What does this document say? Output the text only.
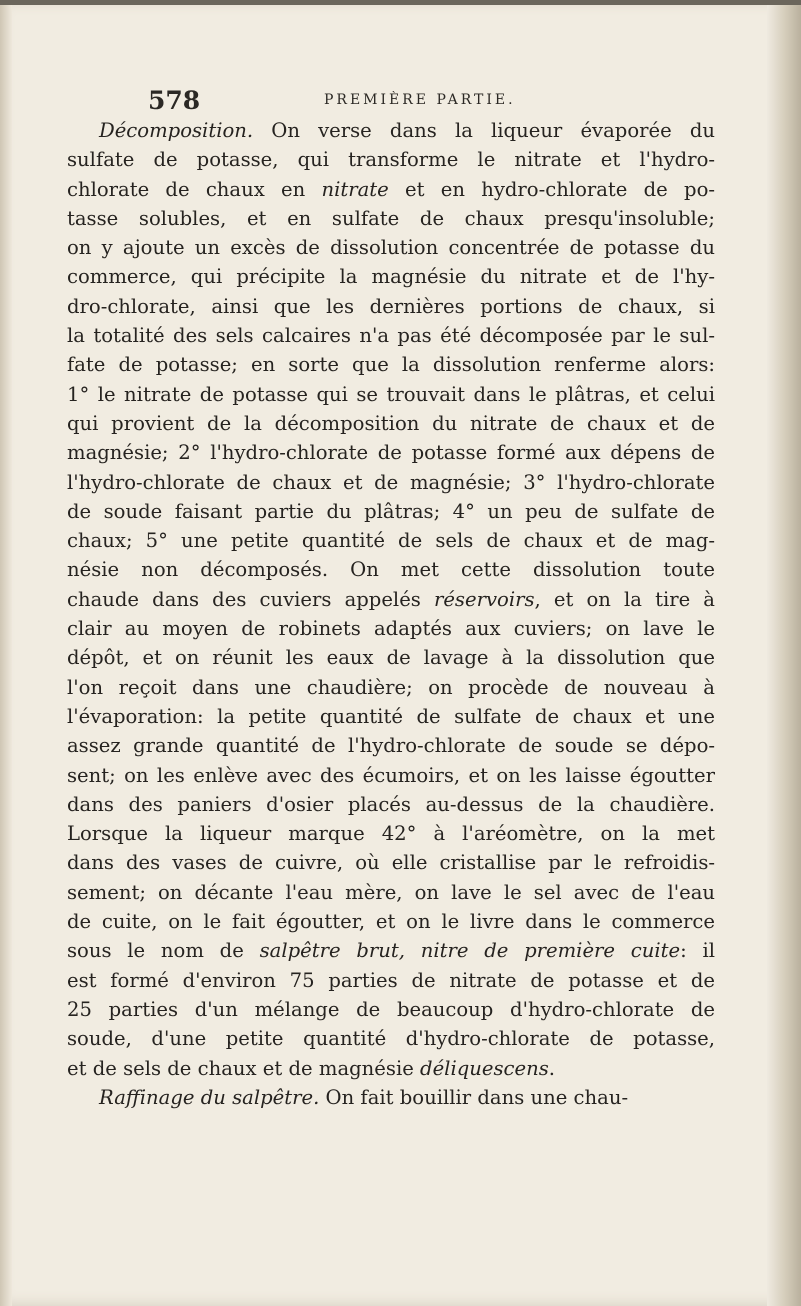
578	PREMIÈRE PARTIE.
Décomposition. On verse dans la liqueur évaporée du
sulfate de potasse, qui transforme le nitrate et l'hydro-
chlorate de chaux en nitrate et en hydro-chlorate de po-
tasse solubles, et en sulfate de chaux presqu'insoluble;
on y ajoute un excès de dissolution concentrée de potasse du
commerce, qui précipite la magnésie du nitrate et de l'hy-
dro-chlorate, ainsi que les dernières portions de chaux, si
la totalité des sels calcaires n'a pas été décomposée par le sul-
fate de potasse; en sorte que la dissolution renferme alors:
1° le nitrate de potasse qui se trouvait dans le plâtras, et celui
qui provient de la décomposition du nitrate de chaux et de
magnésie; 2° l'hydro-chlorate de potasse formé aux dépens de
l'hydro-chlorate de chaux et de magnésie; 3° l'hydro-chlorate
de soude faisant partie du plâtras; 4° un peu de sulfate de
chaux; 5° une petite quantité de sels de chaux et de mag-
nésie non décomposés. On met cette dissolution toute
chaude dans des cuviers appelés réservoirs, et on la tire à
clair au moyen de robinets adaptés aux cuviers; on lave le
dépôt, et on réunit les eaux de lavage à la dissolution que
l'on reçoit dans une chaudière; on procède de nouveau à
l'évaporation: la petite quantité de sulfate de chaux et une
assez grande quantité de l'hydro-chlorate de soude se dépo-
sent; on les enlève avec des écumoirs, et on les laisse égoutter
dans des paniers d'osier placés au-dessus de la chaudière.
Lorsque la liqueur marque 42° à l'aréomètre, on la met
dans des vases de cuivre, où elle cristallise par le refroidis-
sement; on décante l'eau mère, on lave le sel avec de l'eau
de cuite, on le fait égoutter, et on le livre dans le commerce
sous le nom de salpêtre brut, nitre de première cuite: il
est formé d'environ 75 parties de nitrate de potasse et de
25 parties d'un mélange de beaucoup d'hydro-chlorate de
soude, d'une petite quantité d'hydro-chlorate de potasse,
et de sels de chaux et de magnésie déliquescens.
Raffinage du salpêtre. On fait bouillir dans une chau-
